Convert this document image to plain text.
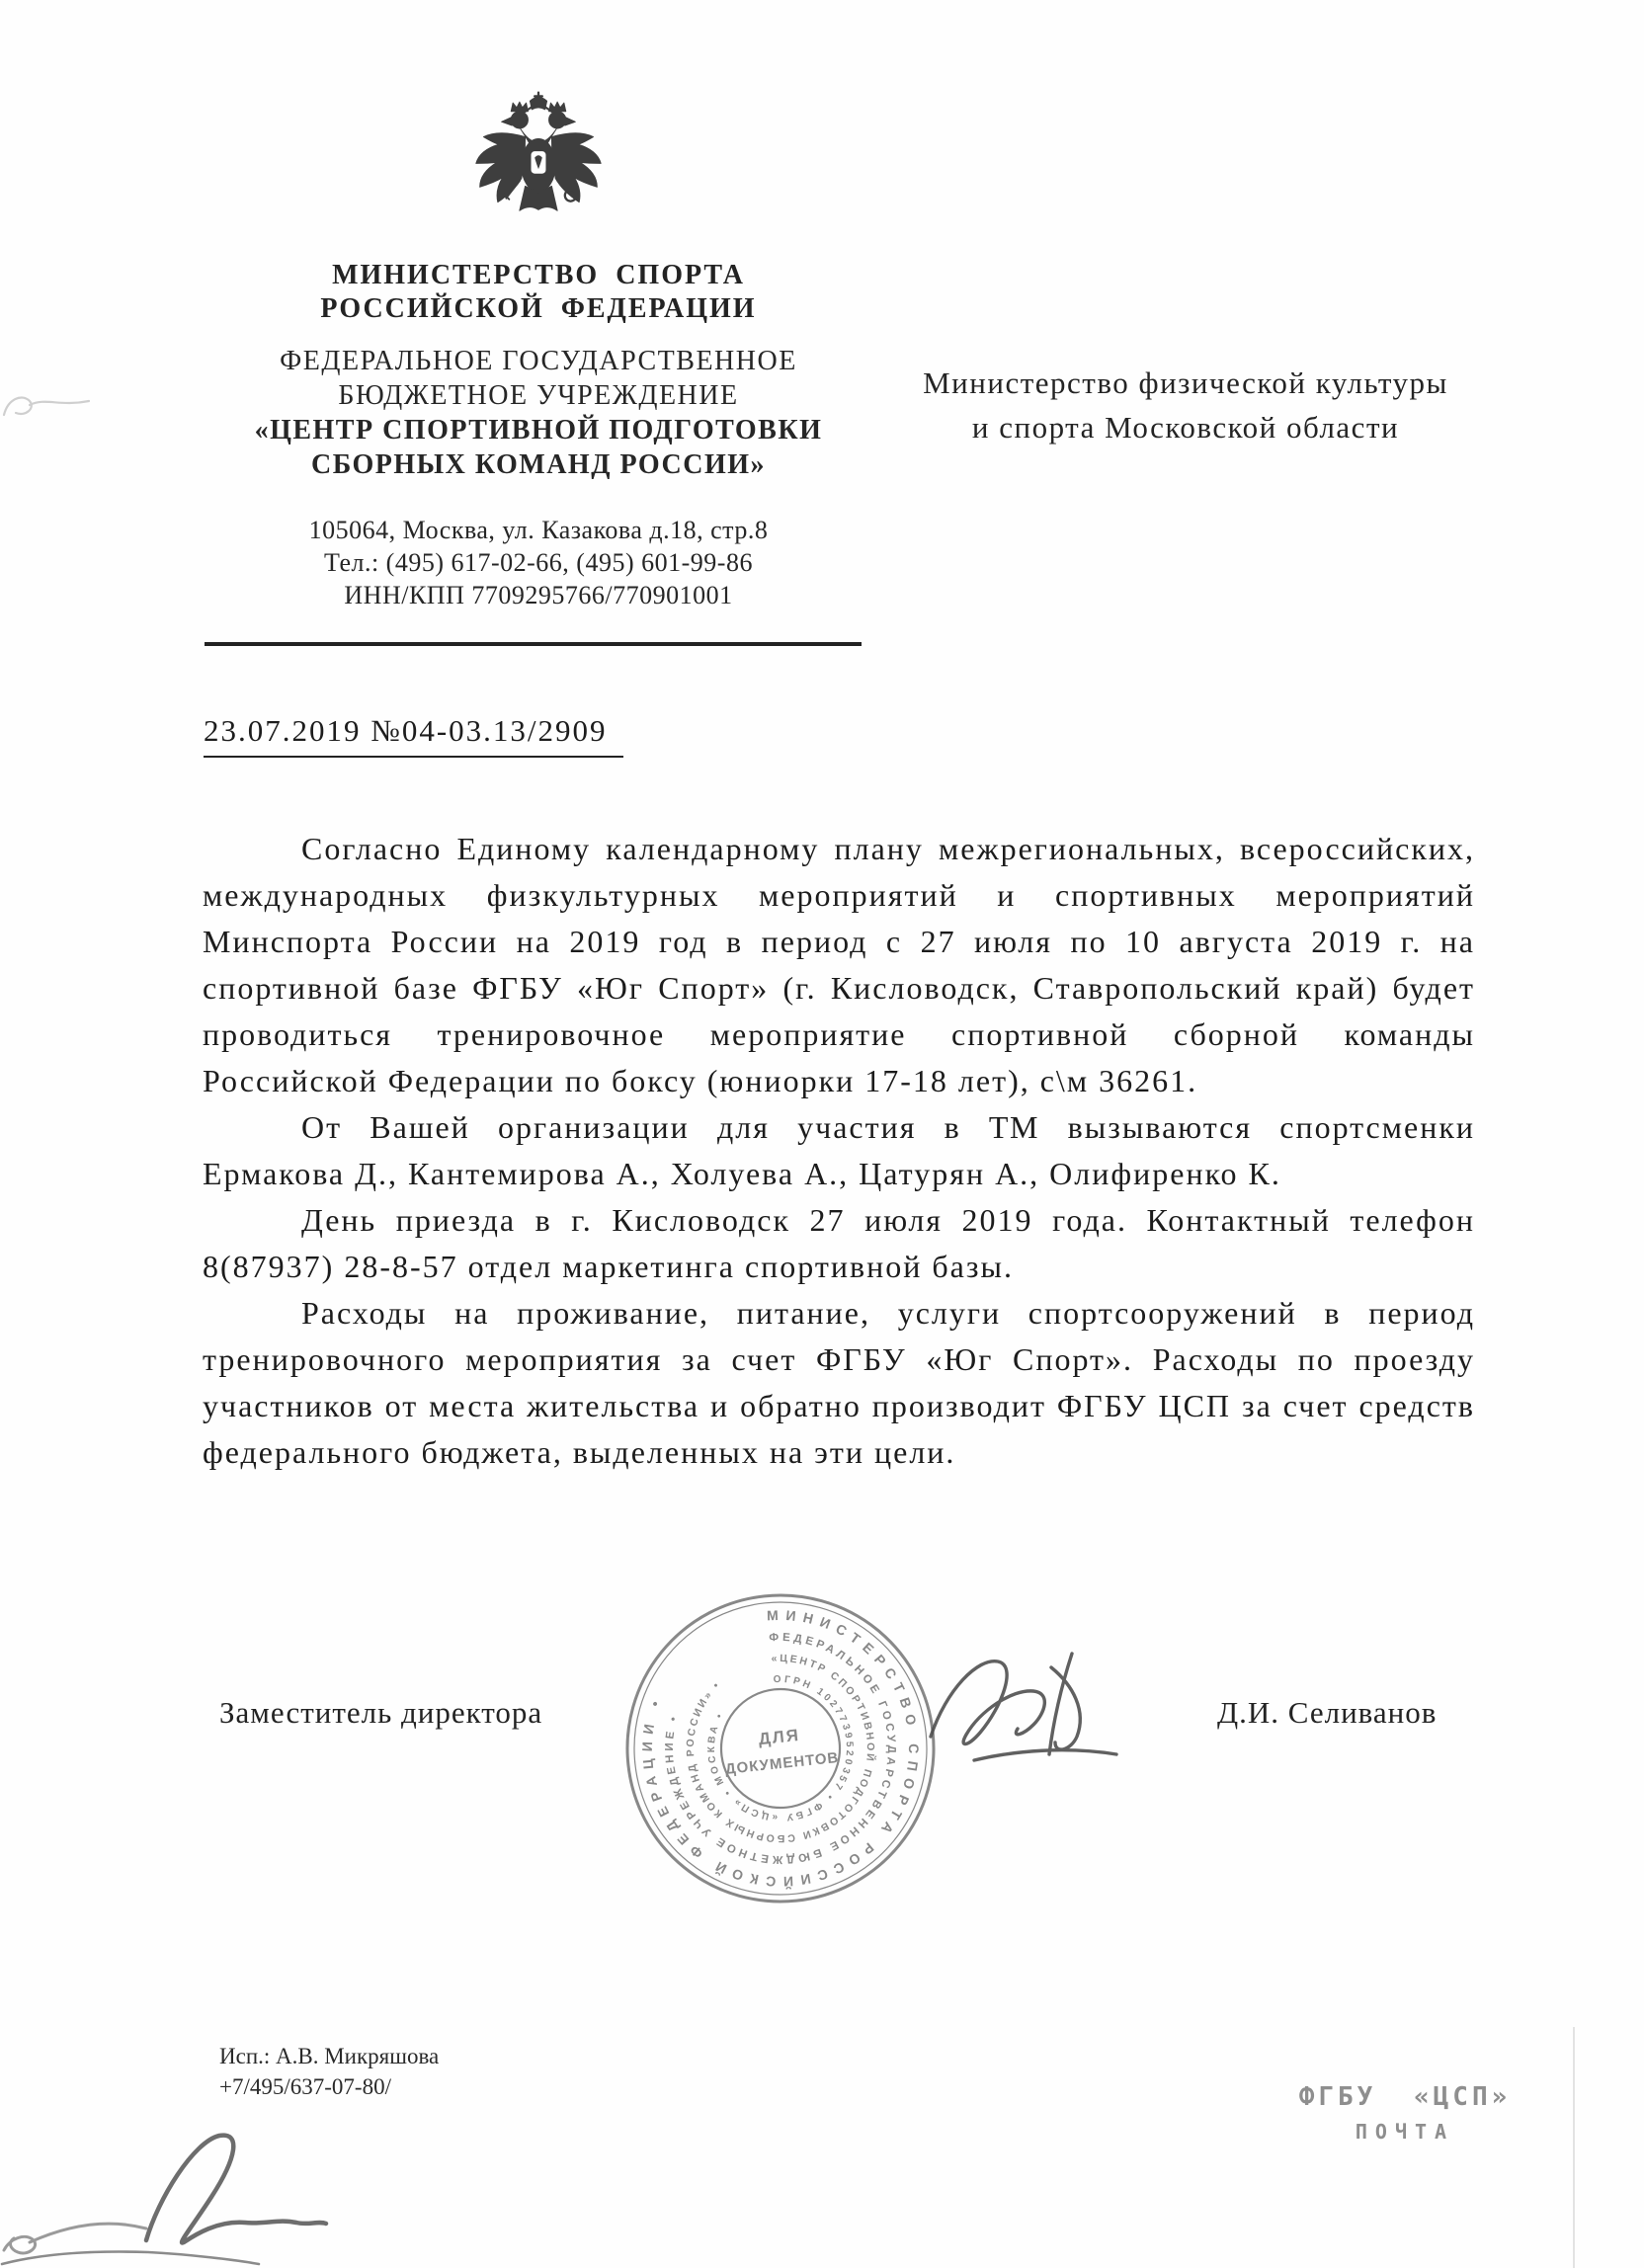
МИНИСТЕРСТВО СПОРТА
РОССИЙСКОЙ ФЕДЕРАЦИИ
ФЕДЕРАЛЬНОЕ ГОСУДАРСТВЕННОЕ
БЮДЖЕТНОЕ УЧРЕЖДЕНИЕ
«ЦЕНТР СПОРТИВНОЙ ПОДГОТОВКИ
СБОРНЫХ КОМАНД РОССИИ»
105064, Москва, ул. Казакова д.18, стр.8
Тел.: (495) 617-02-66, (495) 601-99-86
ИНН/КПП 7709295766/770901001
Министерство физической культуры
и спорта Московской области
23.07.2019 №04-03.13/2909

Согласно Единому календарному плану межрегиональных, всероссийских, международных физкультурных мероприятий и спортивных мероприятий Минспорта России на 2019 год в период с 27 июля по 10 августа 2019 г. на спортивной базе ФГБУ «Юг Спорт» (г. Кисловодск, Ставропольский край) будет проводиться тренировочное мероприятие спортивной сборной команды Российской Федерации по боксу (юниорки 17-18 лет), с\м 36261.

От Вашей организации для участия в ТМ вызываются спортсменки Ермакова Д., Кантемирова А., Холуева А., Цатурян А., Олифиренко К.

День приезда в г. Кисловодск 27 июля 2019 года. Контактный телефон 8(87937) 28-8-57 отдел маркетинга спортивной базы.

Расходы на проживание, питание, услуги спортсооружений в период тренировочного мероприятия за счет ФГБУ «Юг Спорт». Расходы по проезду участников от места жительства и обратно производит ФГБУ ЦСП за счет средств федерального бюджета, выделенных на эти цели.

Заместитель директора
МИНИСТЕРСТВО СПОРТА РОССИЙСКОЙ ФЕДЕРАЦИИ •
ФЕДЕРАЛЬНОЕ ГОСУДАРСТВЕННОЕ БЮДЖЕТНОЕ УЧРЕЖДЕНИЕ •
«ЦЕНТР СПОРТИВНОЙ ПОДГОТОВКИ СБОРНЫХ КОМАНД РОССИИ» •	ОГРН 1027739520357 • ФГБУ «ЦСП» • МОСКВА •
ДЛЯ
ДОКУМЕНТОВ
Д.И. Селиванов
Исп.: А.В. Микряшова
+7/495/637-07-80/	ФГБУ «ЦСП»
ПОЧТА
